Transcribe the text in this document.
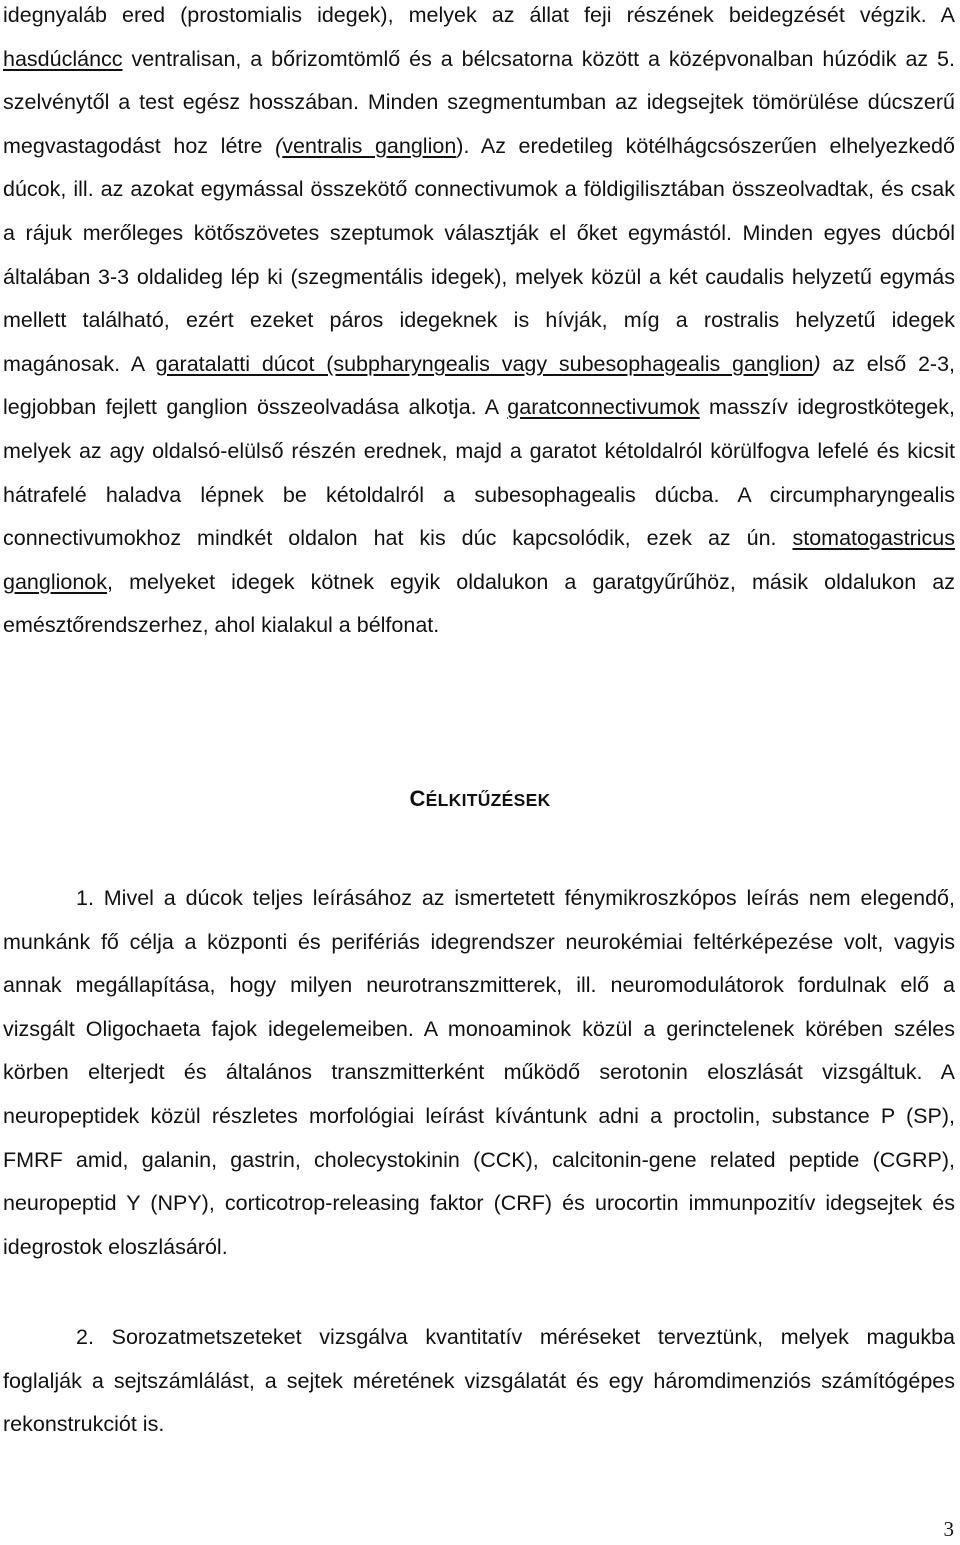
idegnyaláb ered (prostomialis idegek), melyek az állat feji részének beidegzését végzik. A hasdúcláncc ventralisan, a bőrizomtömlő és a bélcsatorna között a középvonalban húzódik az 5. szelvénytől a test egész hosszában. Minden szegmentumban az idegsejtek tömörülése dúcszerű megvastagodást hoz létre (ventralis ganglion). Az eredetileg kötélhágcsószerűen elhelyezkedő dúcok, ill. az azokat egymással összekötő connectivumok a földigilisztában összeolvadtak, és csak a rájuk merőleges kötőszövetes szeptumok választják el őket egymástól. Minden egyes dúcból általában 3-3 oldalideg lép ki (szegmentális idegek), melyek közül a két caudalis helyzetű egymás mellett található, ezért ezeket páros idegeknek is hívják, míg a rostralis helyzetű idegek magánosak. A garatalatti dúcot (subpharyngealis vagy subesophagealis ganglion) az első 2-3, legjobban fejlett ganglion összeolvadása alkotja. A garatconnectivumok masszív idegrostkötegek, melyek az agy oldalsó-elülső részén erednek, majd a garatot kétoldalról körülfogva lefelé és kicsit hátrafelé haladva lépnek be kétoldalról a subesophagealis dúcba. A circumpharyngealis connectivumokhoz mindkét oldalon hat kis dúc kapcsolódik, ezek az ún. stomatogastricus ganglionok, melyeket idegek kötnek egyik oldalukon a garatgyűrűhöz, másik oldalukon az emésztőrendszerhez, ahol kialakul a bélfonat.

CÉLKITŰZÉSEK

1. Mivel a dúcok teljes leírásához az ismertetett fénymikroszkópos leírás nem elegendő, munkánk fő célja a központi és perifériás idegrendszer neurokémiai feltérképezése volt, vagyis annak megállapítása, hogy milyen neurotranszmitterek, ill. neuromodulátorok fordulnak elő a vizsgált Oligochaeta fajok idegelemeiben. A monoaminok közül a gerinctelenek körében széles körben elterjedt és általános transzmitterként működő serotonin eloszlását vizsgáltuk. A neuropeptidek közül részletes morfológiai leírást kívántunk adni a proctolin, substance P (SP), FMRF amid, galanin, gastrin, cholecystokinin (CCK), calcitonin-gene related peptide (CGRP), neuropeptid Y (NPY), corticotrop-releasing faktor (CRF) és urocortin immunpozitív idegsejtek és idegrostok eloszlásáról.

2. Sorozatmetszeteket vizsgálva kvantitatív méréseket terveztünk, melyek magukba foglalják a sejtszámlálást, a sejtek méretének vizsgálatát és egy háromdimenziós számítógépes rekonstrukciót is.

3
